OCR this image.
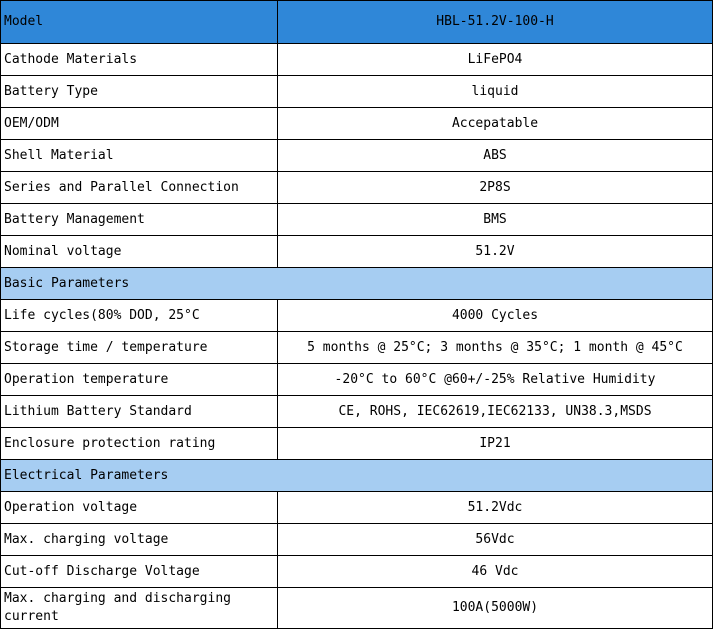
Model	HBL-51.2V-100-H
Cathode Materials	LiFePO4
Battery Type	liquid
OEM/ODM	Accepatable
Shell Material	ABS
Series and Parallel Connection	2P8S
Battery Management	BMS
Nominal voltage	51.2V
Basic Parameters	
Life cycles(80% DOD, 25°C	4000 Cycles
Storage time / temperature	5 months @ 25°C; 3 months @ 35°C; 1 month @ 45°C
Operation temperature	-20°C to 60°C @60+/-25% Relative Humidity
Lithium Battery Standard	CE, ROHS, IEC62619,IEC62133, UN38.3,MSDS
Enclosure protection rating	IP21
Electrical Parameters	
Operation voltage	51.2Vdc
Max. charging voltage	56Vdc
Cut-off Discharge Voltage	46 Vdc
Max. charging and discharging current	100A(5000W)
